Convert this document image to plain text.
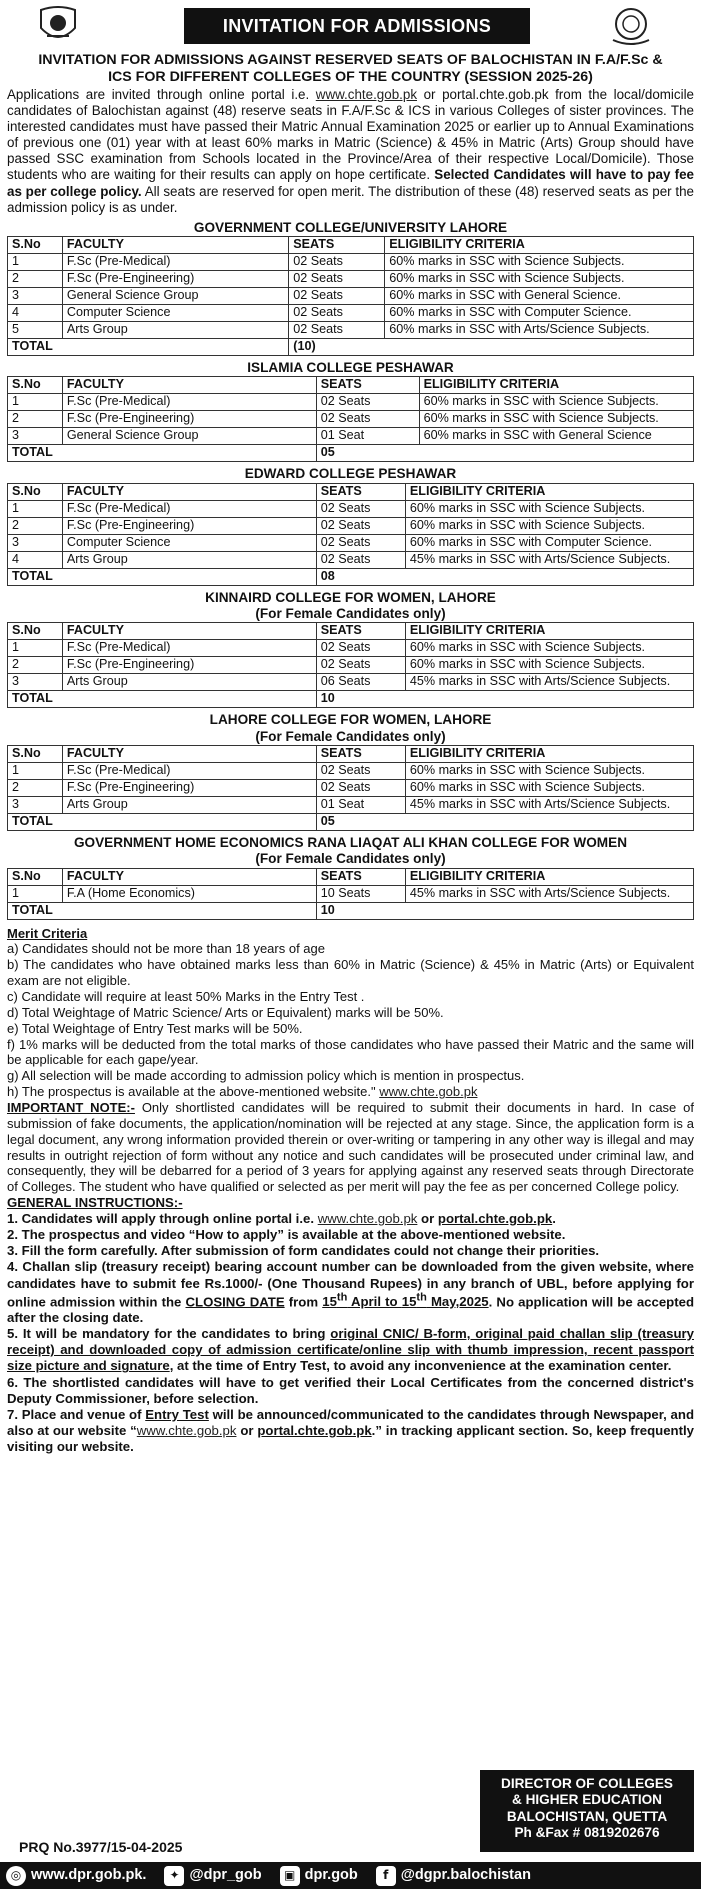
INVITATION FOR ADMISSIONS
INVITATION FOR ADMISSIONS AGAINST RESERVED SEATS OF BALOCHISTAN IN F.A/F.Sc &
ICS FOR DIFFERENT COLLEGES OF THE COUNTRY (SESSION 2025-26)

Applications are invited through online portal i.e. www.chte.gob.pk or portal.chte.gob.pk from the local/domicile candidates of Balochistan against (48) reserve seats in F.A/F.Sc & ICS in various Colleges of sister provinces. The interested candidates must have passed their Matric Annual Examination 2025 or earlier up to Annual Examinations of previous one (01) year with at least 60% marks in Matric (Science) & 45% in Matric (Arts) Group should have passed SSC examination from Schools located in the Province/Area of their respective Local/Domicile). Those students who are waiting for their results can apply on hope certificate. Selected Candidates will have to pay fee as per college policy. All seats are reserved for open merit. The distribution of these (48) reserved seats as per the admission policy is as under.

GOVERNMENT COLLEGE/UNIVERSITY LAHORE
S.No	FACULTY	SEATS	ELIGIBILITY CRITERIA
1	F.Sc (Pre-Medical)	02 Seats	60% marks in SSC with Science Subjects.
2	F.Sc (Pre-Engineering)	02 Seats	60% marks in SSC with Science Subjects.
3	General Science Group	02 Seats	60% marks in SSC with General Science.
4	Computer Science	02 Seats	60% marks in SSC with Computer Science.
5	Arts Group	02 Seats	60% marks in SSC with Arts/Science Subjects.
TOTAL		(10)	
ISLAMIA COLLEGE PESHAWAR
S.No	FACULTY	SEATS	ELIGIBILITY CRITERIA
1	F.Sc (Pre-Medical)	02 Seats	60% marks in SSC with Science Subjects.
2	F.Sc (Pre-Engineering)	02 Seats	60% marks in SSC with Science Subjects.
3	General Science Group	01 Seat	60% marks in SSC with General Science
TOTAL		05	
EDWARD COLLEGE PESHAWAR
S.No	FACULTY	SEATS	ELIGIBILITY CRITERIA
1	F.Sc (Pre-Medical)	02 Seats	60% marks in SSC with Science Subjects.
2	F.Sc (Pre-Engineering)	02 Seats	60% marks in SSC with Science Subjects.
3	Computer Science	02 Seats	60% marks in SSC with Computer Science.
4	Arts Group	02 Seats	45% marks in SSC with Arts/Science Subjects.
TOTAL		08	
KINNAIRD COLLEGE FOR WOMEN, LAHORE
(For Female Candidates only)
S.No	FACULTY	SEATS	ELIGIBILITY CRITERIA
1	F.Sc (Pre-Medical)	02 Seats	60% marks in SSC with Science Subjects.
2	F.Sc (Pre-Engineering)	02 Seats	60% marks in SSC with Science Subjects.
3	Arts Group	06 Seats	45% marks in SSC with Arts/Science Subjects.
TOTAL		10	
LAHORE COLLEGE FOR WOMEN, LAHORE
(For Female Candidates only)
S.No	FACULTY	SEATS	ELIGIBILITY CRITERIA
1	F.Sc (Pre-Medical)	02 Seats	60% marks in SSC with Science Subjects.
2	F.Sc (Pre-Engineering)	02 Seats	60% marks in SSC with Science Subjects.
3	Arts Group	01 Seat	45% marks in SSC with Arts/Science Subjects.
TOTAL		05	
GOVERNMENT HOME ECONOMICS RANA LIAQAT ALI KHAN COLLEGE FOR WOMEN
(For Female Candidates only)
S.No	FACULTY	SEATS	ELIGIBILITY CRITERIA
1	F.A (Home Economics)	10 Seats	45% marks in SSC with Arts/Science Subjects.
TOTAL		10	
Merit Criteria
a) Candidates should not be more than 18 years of age
b) The candidates who have obtained marks less than 60% in Matric (Science) & 45% in Matric (Arts) or Equivalent exam are not eligible.
c) Candidate will require at least 50% Marks in the Entry Test .
d) Total Weightage of Matric Science/ Arts or Equivalent) marks will be 50%.
e) Total Weightage of Entry Test marks will be 50%.
f) 1% marks will be deducted from the total marks of those candidates who have passed their Matric and the same will be applicable for each gape/year.
g) All selection will be made according to admission policy which is mention in prospectus.
h) The prospectus is available at the above-mentioned website." www.chte.gob.pk

IMPORTANT NOTE:- Only shortlisted candidates will be required to submit their documents in hard. In case of submission of fake documents, the application/nomination will be rejected at any stage. Since, the application form is a legal document, any wrong information provided therein or over-writing or tampering in any other way is illegal and may results in outright rejection of form without any notice and such candidates will be prosecuted under criminal law, and consequently, they will be debarred for a period of 3 years for applying against any reserved seats through Directorate of Colleges. The student who have qualified or selected as per merit will pay the fee as per concerned College policy.

GENERAL INSTRUCTIONS:-
1. Candidates will apply through online portal i.e. www.chte.gob.pk or portal.chte.gob.pk.
2. The prospectus and video “How to apply” is available at the above-mentioned website.
3. Fill the form carefully. After submission of form candidates could not change their priorities.
4. Challan slip (treasury receipt) bearing account number can be downloaded from the given website, where candidates have to submit fee Rs.1000/- (One Thousand Rupees) in any branch of UBL, before applying for online admission within the CLOSING DATE from 15th April to 15th May,2025. No application will be accepted after the closing date.
5. It will be mandatory for the candidates to bring original CNIC/ B-form, original paid challan slip (treasury receipt) and downloaded copy of admission certificate/online slip with thumb impression, recent passport size picture and signature, at the time of Entry Test, to avoid any inconvenience at the examination center.
6. The shortlisted candidates will have to get verified their Local Certificates from the concerned district's Deputy Commissioner, before selection.
7. Place and venue of Entry Test will be announced/communicated to the candidates through Newspaper, and also at our website “www.chte.gob.pk or portal.chte.gob.pk.” in tracking applicant section. So, keep frequently visiting our website.
PRQ No.3977/15-04-2025
DIRECTOR OF COLLEGES
& HIGHER EDUCATION
BALOCHISTAN, QUETTA
Ph &Fax # 0819202676
◎ www.dpr.gob.pk.	✦ @dpr_gob	▣ dpr.gob	f @dgpr.balochistan
